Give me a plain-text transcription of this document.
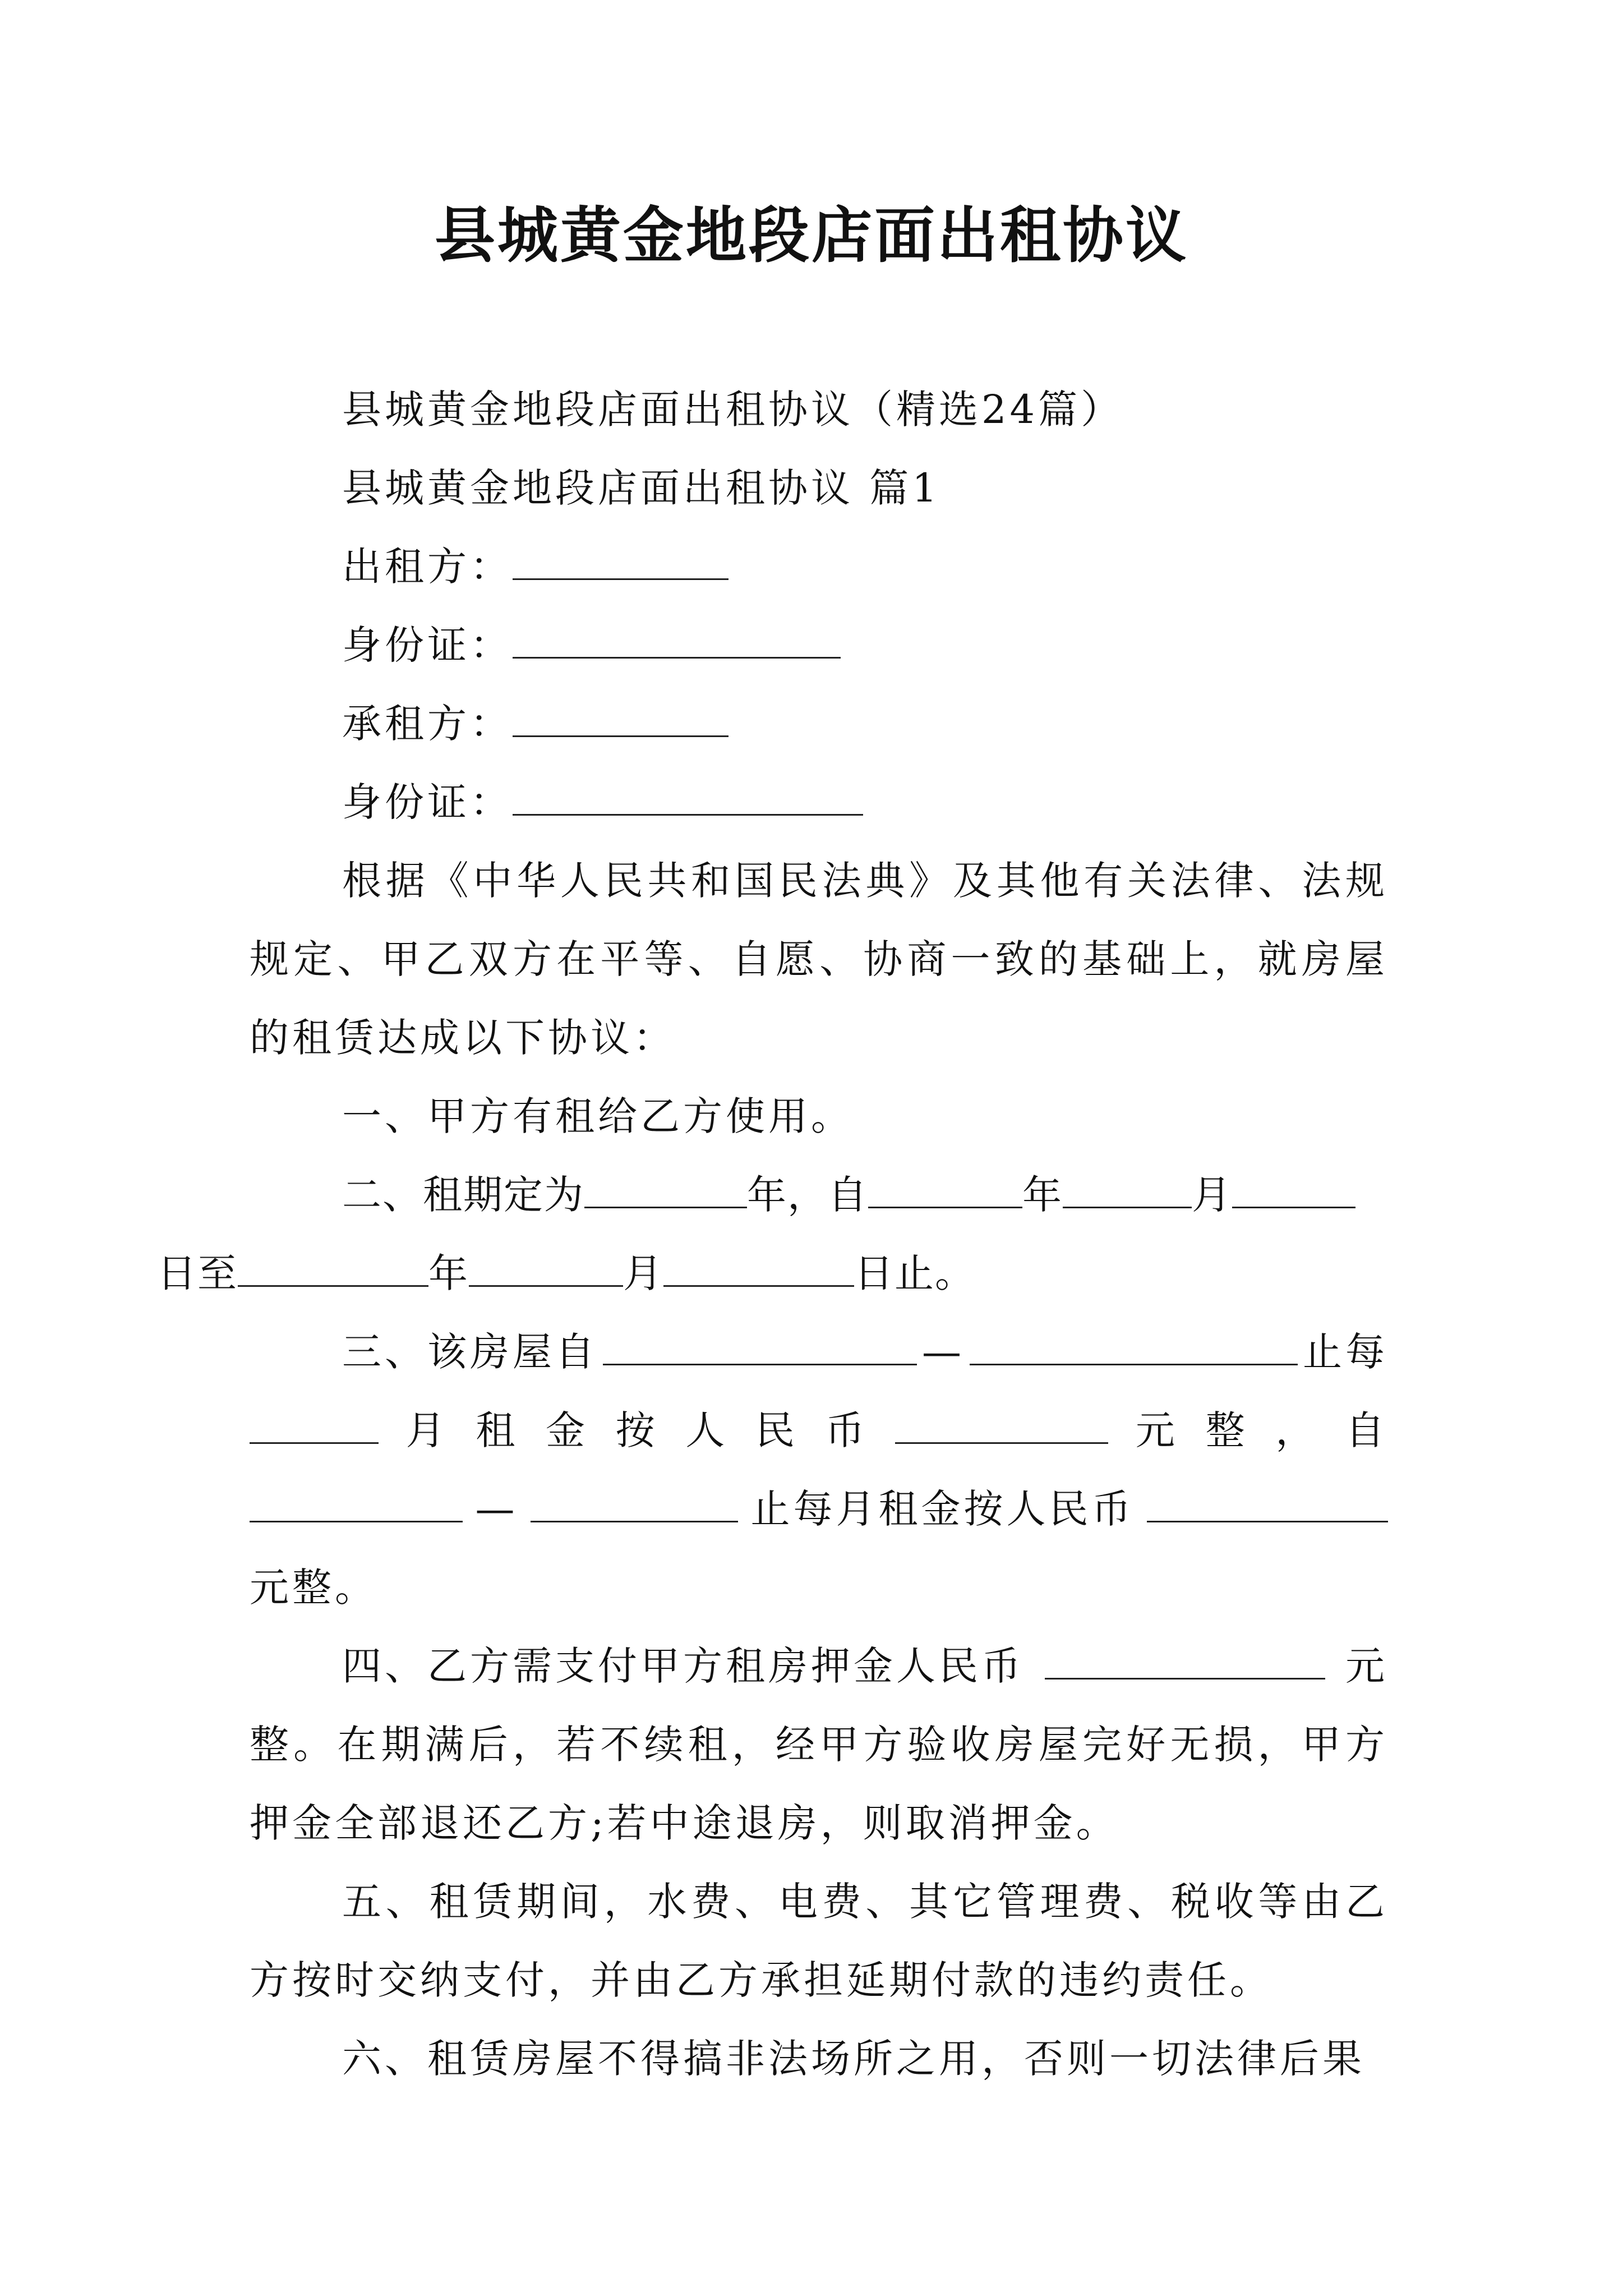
县城黄金地段店面出租协议
县城黄金地段店面出租协议（精选24篇）
县城黄金地段店面出租协议 篇1
出租方：
身份证：
承租方：
身份证：
根据《中华人民共和国民法典》及其他有关法律、法规规定、甲乙双方在平等、自愿、协商一致的基础上，就房屋的租赁达成以下协议：
一、甲方有租给乙方使用。
二、租期定为	年，自	年	月
日至	年	月	日止。
三、该房屋自	—	止每
月 租 金 按 人 民 币	元 整 ， 自
—	止每月租金按人民币
元整。
四、乙方需支付甲方租房押金人民币	元
整。在期满后，若不续租，经甲方验收房屋完好无损，甲方押金全部退还乙方;若中途退房，则取消押金。
五、租赁期间，水费、电费、其它管理费、税收等由乙方按时交纳支付，并由乙方承担延期付款的违约责任。
六、租赁房屋不得搞非法场所之用，否则一切法律后果
